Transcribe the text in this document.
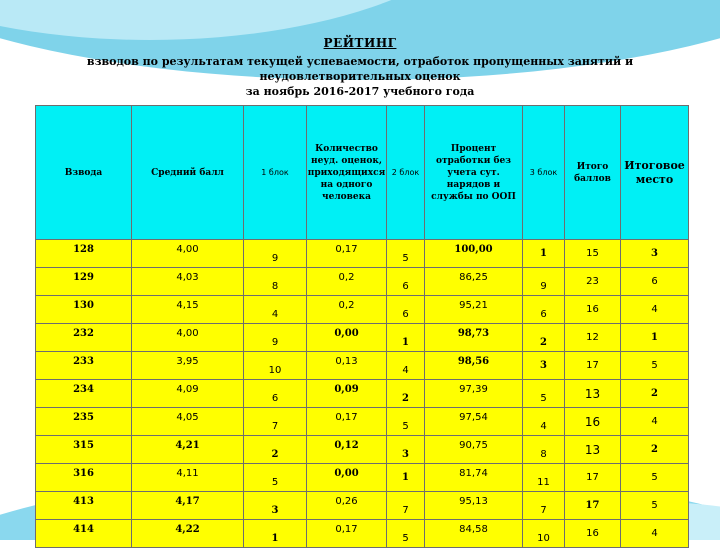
РЕЙТИНГ
взводов по результатам текущей успеваемости, отработок пропущенных занятий и
неудовлетворительных оценок
за ноябрь 2016-2017 учебного года
Взвода	Средний балл	1 блок	Количество неуд. оценок, приходящихся на одного человека	2 блок	Процент отработки без учета сут. нарядов и службы по ООП	3 блок	Итого баллов	Итоговое место
128	4,00	9	0,17	5	100,00	1	15	3
129	4,03	8	0,2	6	86,25	9	23	6
130	4,15	4	0,2	6	95,21	6	16	4
232	4,00	9	0,00	1	98,73	2	12	1
233	3,95	10	0,13	4	98,56	3	17	5
234	4,09	6	0,09	2	97,39	5	13	2
235	4,05	7	0,17	5	97,54	4	16	4
315	4,21	2	0,12	3	90,75	8	13	2
316	4,11	5	0,00	1	81,74	11	17	5
413	4,17	3	0,26	7	95,13	7	17	5
414	4,22	1	0,17	5	84,58	10	16	4
